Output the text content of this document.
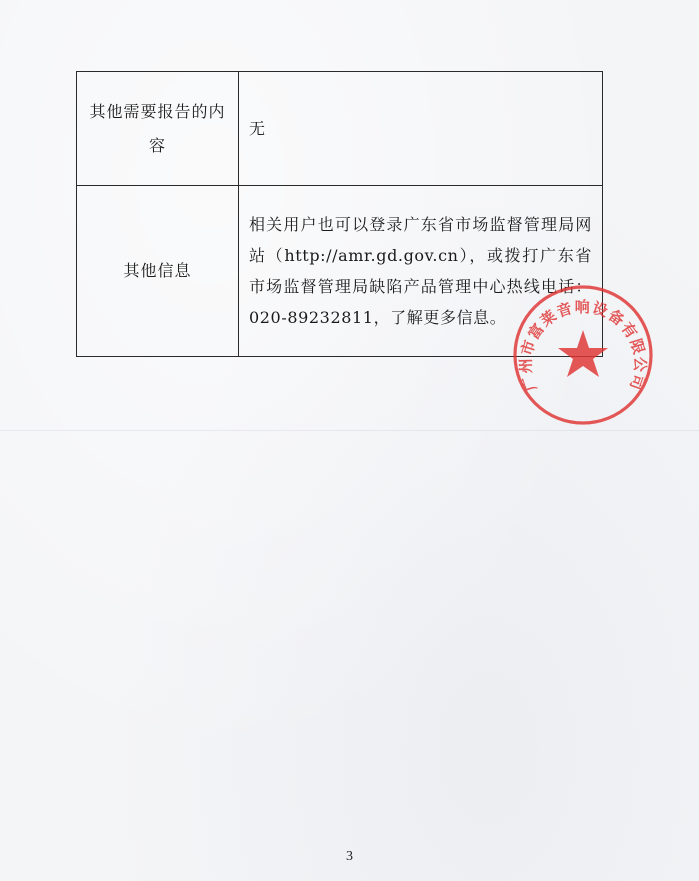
其他需要报告的内容	无
其他信息	相关用户也可以登录广东省市场监督管理局网站（http://amr.gd.gov.cn），或拨打广东省市场监督管理局缺陷产品管理中心热线电话：020-89232811，了解更多信息。
广州市富莱音响设备有限公司
3
